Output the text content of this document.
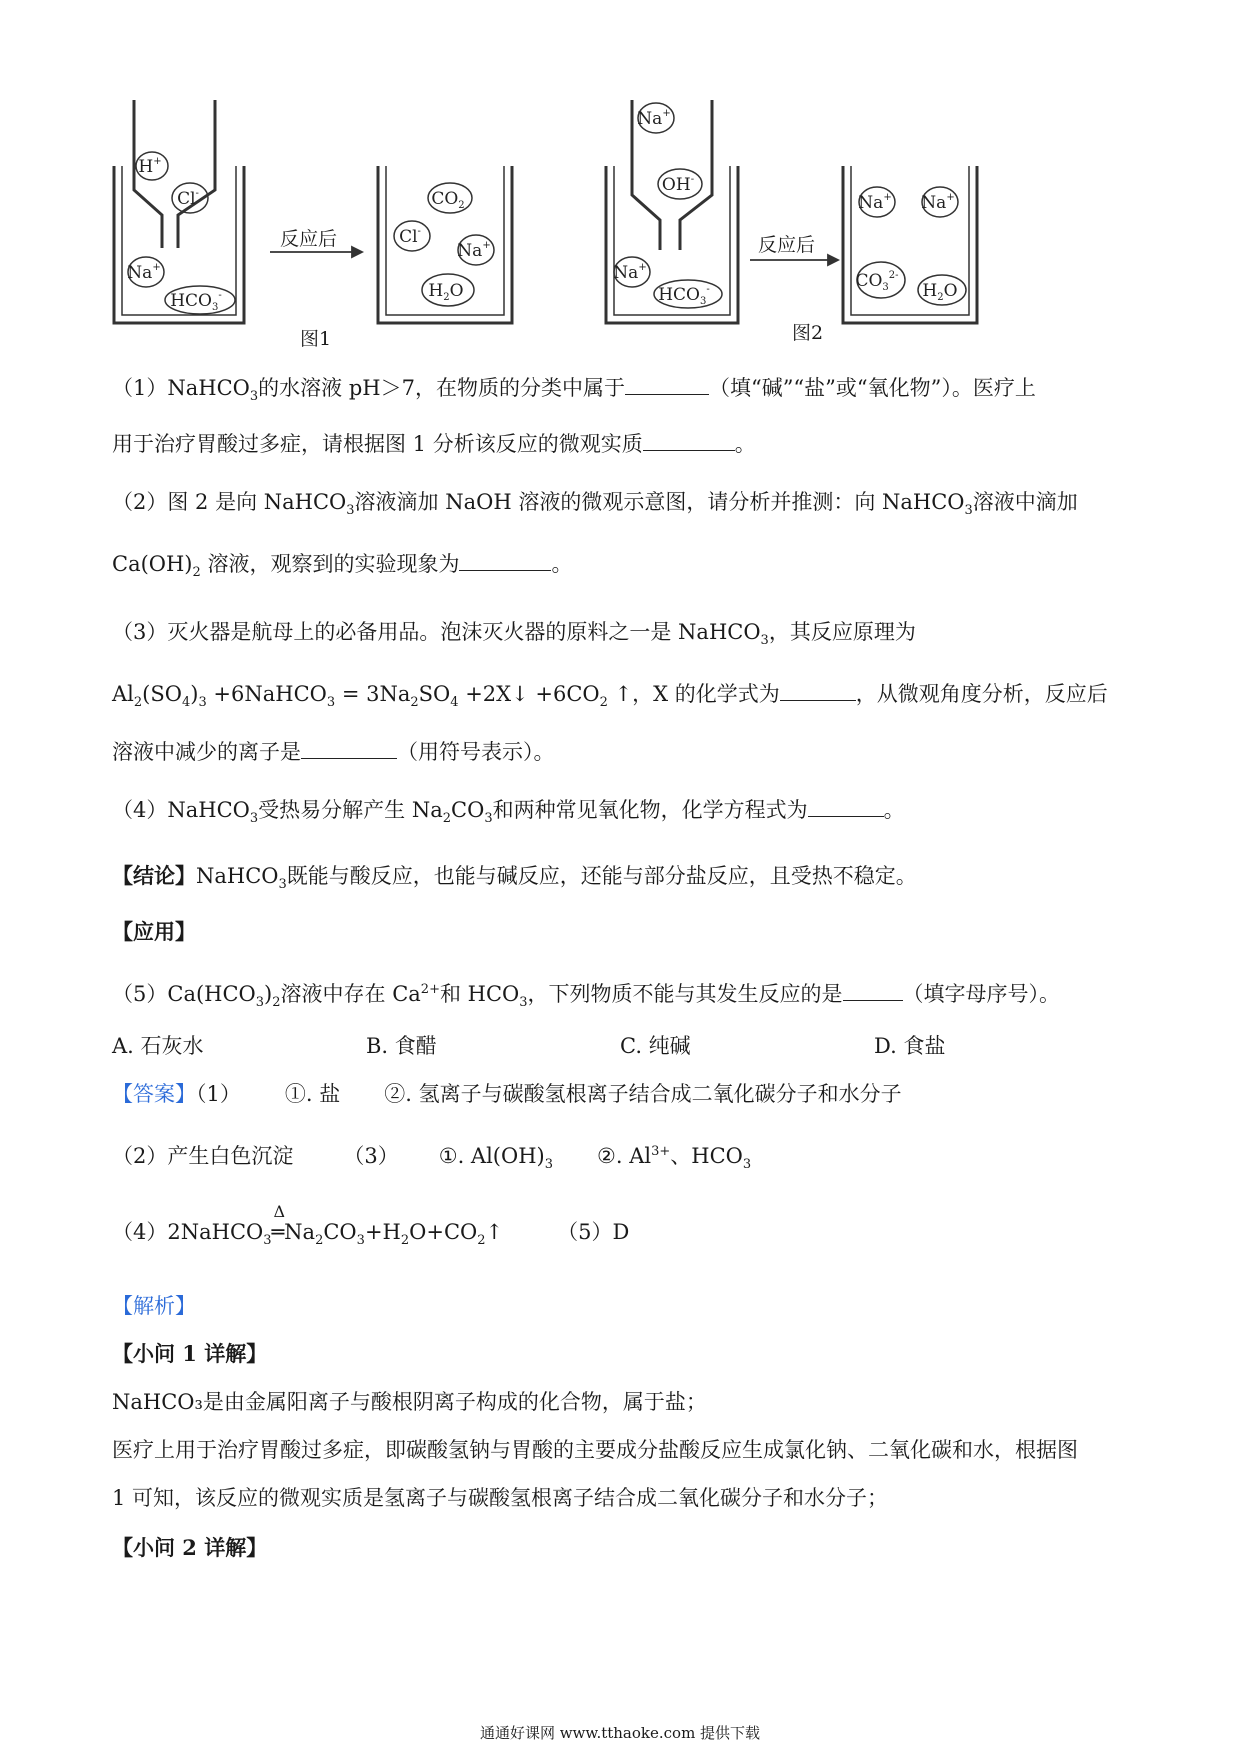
H+
Cl-
Na+
$HCO_3^-$
$CO_2$
Cl-
Na+
$H_2O$
Na+
OH-
Na+
$HCO_3^-$
Na+ Na+
$CO_3^{2-}$
$H_2O$
反应后	反应后
图1	图2
（1）NaHCO$_3$的水溶液 pH＞7，在物质的分类中属于	（填“碱”“盐”或“氧化物”）。医疗上
用于治疗胃酸过多症，请根据图 1 分析该反应的微观实质	。
（2）图 2 是向 NaHCO$_3$溶液滴加 NaOH 溶液的微观示意图，请分析并推测：向 NaHCO$_3$溶液中滴加
$Ca(OH)_2$ 溶液，观察到的实验现象为	。
（3）灭火器是航母上的必备用品。泡沫灭火器的原料之一是 NaHCO$_3$，其反应原理为
$Al_2(SO_4)_3$ +6NaHCO$_3$ = $3Na_2SO_4$ +2X↓ $+6CO_2$ ↑，X 的化学式为	，从微观角度分析，反应后
溶液中减少的离子是	（用符号表示）。
（4）NaHCO$_3$受热易分解产生 $Na_2CO_3$和两种常见氧化物，化学方程式为	。
【结论】NaHCO$_3$既能与酸反应，也能与碱反应，还能与部分盐反应，且受热不稳定。
【应用】
$(5)Ca(HCO_3)_2$溶液中存在 $Ca^{2+}$和 $HCO_3$，下列物质不能与其发生反应的是	（填字母序号）。
A. 石灰水	B. 食醋	C. 纯碱	D. 食盐
【答案】（1） ①. 盐 ②. 氢离子与碳酸氢根离子结合成二氧化碳分子和水分子
（2）产生白色沉淀 （3） ①. $Al(OH)_3$ ②. $Al^{3+}$、$HCO_3$
（4）2NaHCO$_3$
Δ
$═Na_2CO_3+H_2O+CO_2↑$	（5）D
【解析】
【小问 1 详解】
NaHCO₃是由金属阳离子与酸根阴离子构成的化合物，属于盐；
医疗上用于治疗胃酸过多症，即碳酸氢钠与胃酸的主要成分盐酸反应生成氯化钠、二氧化碳和水，根据图
1 可知，该反应的微观实质是氢离子与碳酸氢根离子结合成二氧化碳分子和水分子；
【小问 2 详解】
通通好课网 www.tthaoke.com 提供下载
